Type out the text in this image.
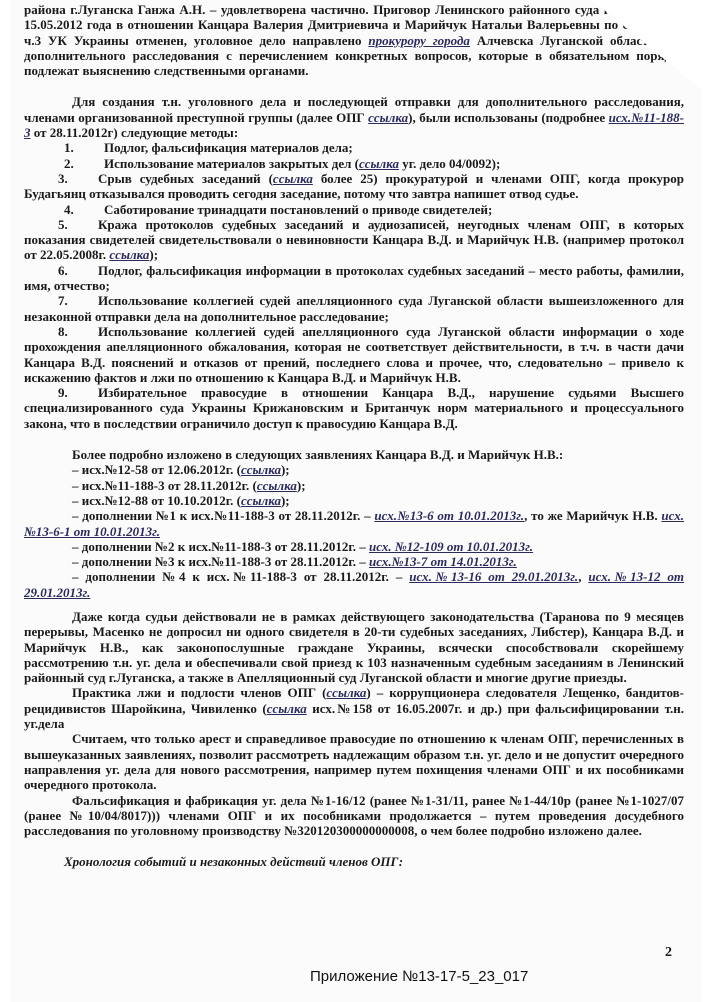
района г.Луганска Ганжа А.Н. – удовлетворена частично. Приговор Ленинского районного суда г.Луганска от 15.05.2012 года в отношении Канцара Валерия Дмитриевича и Марийчук Натальи Валерьевны по статье 212 ч.3 УК Украины отменен, уголовное дело направлено прокурору города Алчевска Луганской области для дополнительного расследования с перечислением конкретных вопросов, которые в обязательном порядке подлежат выяснению следственными органами.

Для создания т.н. уголовного дела и последующей отправки для дополнительного расследования, членами организованной преступной группы (далее ОПГ ссылка), были использованы (подробнее исх.№11-188-3 от 28.11.2012г) следующие методы:

1. Подлог, фальсификация материалов дела;

2. Использование материалов закрытых дел (ссылка уг. дело 04/0092);

3. Срыв судебных заседаний (ссылка более 25) прокуратурой и членами ОПГ, когда прокурор Будагьянц отказывался проводить сегодня заседание, потому что завтра напишет отвод судье.

4. Саботирование тринадцати постановлений о приводе свидетелей;

5. Кража протоколов судебных заседаний и аудиозаписей, неугодных членам ОПГ, в которых показания свидетелей свидетельствовали о невиновности Канцара В.Д. и Марийчук Н.В. (например протокол от 22.05.2008г. ссылка);

6. Подлог, фальсификация информации в протоколах судебных заседаний – место работы, фамилии, имя, отчество;

7. Использование коллегией судей апелляционного суда Луганской области вышеизложенного для незаконной отправки дела на дополнительное расследование;

8. Использование коллегией судей апелляционного суда Луганской области информации о ходе прохождения апелляционного обжалования, которая не соответствует действительности, в т.ч. в части дачи Канцара В.Д. пояснений и отказов от прений, последнего слова и прочее, что, следовательно – привело к искажению фактов и лжи по отношению к Канцара В.Д. и Марийчук Н.В.

9. Избирательное правосудие в отношении Канцара В.Д., нарушение судьями Высшего специализированного суда Украины Крижановским и Британчук норм материального и процессуального закона, что в последствии ограничило доступ к правосудию Канцара В.Д.

Более подробно изложено в следующих заявлениях Канцара В.Д. и Марийчук Н.В.:

– исх.№12-58 от 12.06.2012г. (ссылка);

– исх.№11-188-3 от 28.11.2012г. (ссылка);

– исх.№12-88 от 10.10.2012г. (ссылка);

– дополнении №1 к исх.№11-188-3 от 28.11.2012г. – исх.№13-6 от 10.01.2013г., то же Марийчук Н.В. исх.№13-6-1 от 10.01.2013г.

– дополнении №2 к исх.№11-188-3 от 28.11.2012г. – исх. №12-109 от 10.01.2013г.

– дополнении №3 к исх.№11-188-3 от 28.11.2012г. – исх.№13-7 от 14.01.2013г.

– дополнении №4 к исх.№11-188-3 от 28.11.2012г. – исх.№13-16 от 29.01.2013г., исх.№13-12 от 29.01.2013г.

Даже когда судьи действовали не в рамках действующего законодательства (Таранова по 9 месяцев перерывы, Масенко не допросил ни одного свидетеля в 20-ти судебных заседаниях, Либстер), Канцара В.Д. и Марийчук Н.В., как законопослушные граждане Украины, всячески способствовали скорейшему рассмотрению т.н. уг. дела и обеспечивали свой приезд к 103 назначенным судебным заседаниям в Ленинский районный суд г.Луганска, а также в Апелляционный суд Луганской области и многие другие приезды.

Практика лжи и подлости членов ОПГ (ссылка) – коррупционера следователя Лещенко, бандитов-рецидивистов Шаройкина, Чивиленко (ссылка исх.№158 от 16.05.2007г. и др.) при фальсифицировании т.н. уг.дела

Считаем, что только арест и справедливое правосудие по отношению к членам ОПГ, перечисленных в вышеуказанных заявлениях, позволит рассмотреть надлежащим образом т.н. уг. дело и не допустит очередного направления уг. дела для нового рассмотрения, например путем похищения членами ОПГ и их пособниками очередного протокола.

Фальсификация и фабрикация уг. дела №1-16/12 (ранее №1-31/11, ранее №1-44/10р (ранее №1-1027/07 (ранее №10/04/8017))) членами ОПГ и их пособниками продолжается – путем проведения досудебного расследования по уголовному производству №320120300000000008, о чем более подробно изложено далее.

Хронология событий и незаконных действий членов ОПГ:

2
Приложение №13-17-5_23_017
